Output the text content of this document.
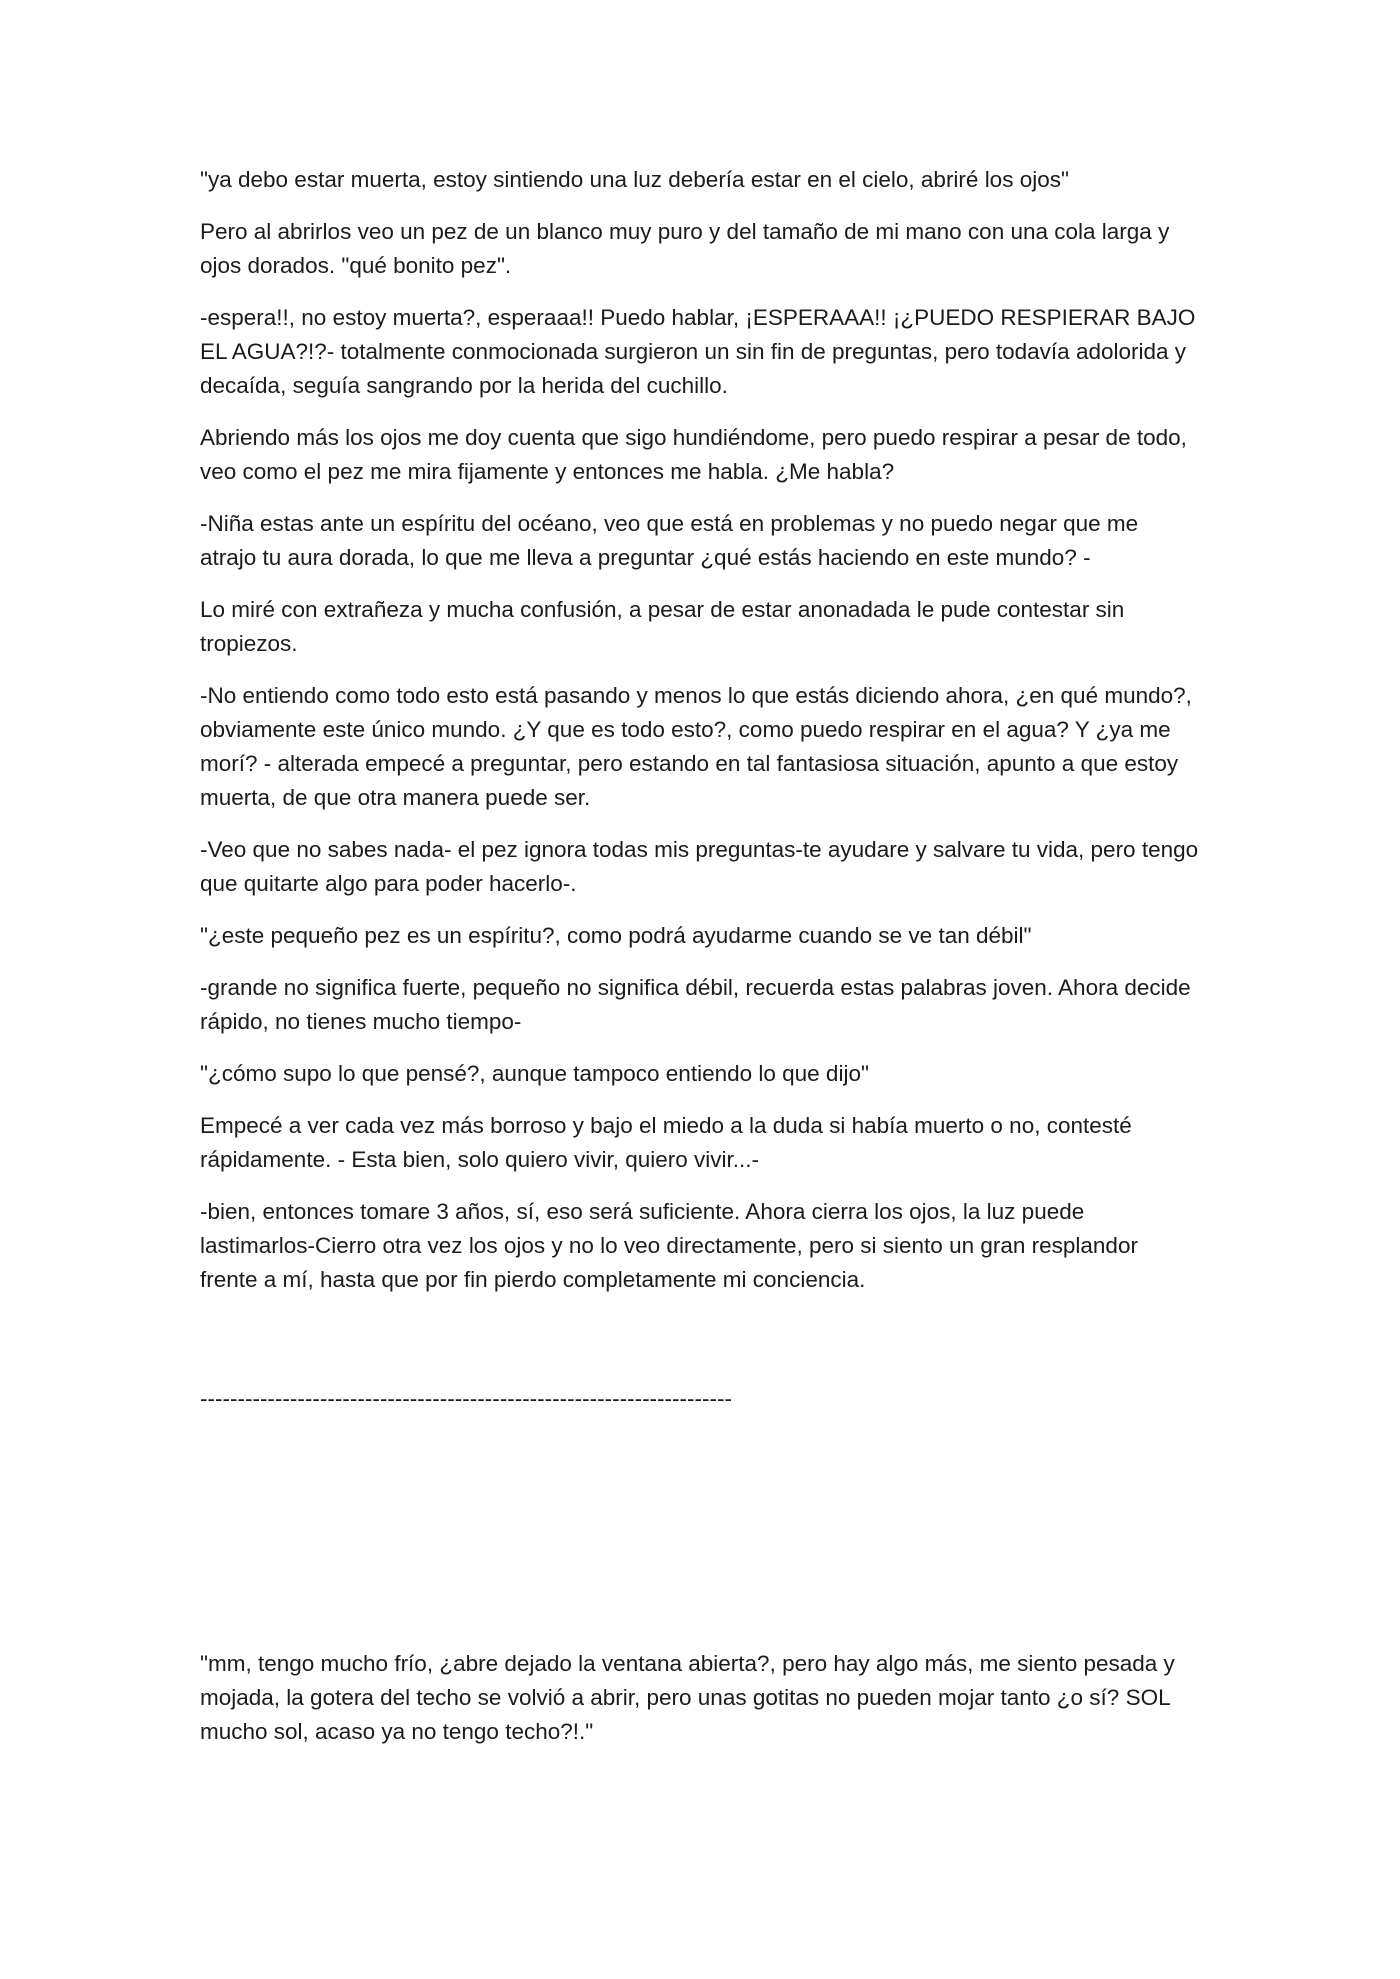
"ya debo estar muerta, estoy sintiendo una luz debería estar en el cielo, abriré los ojos"

Pero al abrirlos veo un pez de un blanco muy puro y del tamaño de mi mano con una cola larga y ojos dorados. "qué bonito pez".

-espera!!, no estoy muerta?, esperaaa!! Puedo hablar, ¡ESPERAAA!! ¡¿PUEDO RESPIERAR BAJO EL AGUA?!?- totalmente conmocionada surgieron un sin fin de preguntas, pero todavía adolorida y decaída, seguía sangrando por la herida del cuchillo.

Abriendo más los ojos me doy cuenta que sigo hundiéndome, pero puedo respirar a pesar de todo, veo como el pez me mira fijamente y entonces me habla. ¿Me habla?

-Niña estas ante un espíritu del océano, veo que está en problemas y no puedo negar que me atrajo tu aura dorada, lo que me lleva a preguntar ¿qué estás haciendo en este mundo? -

Lo miré con extrañeza y mucha confusión, a pesar de estar anonadada le pude contestar sin tropiezos.

-No entiendo como todo esto está pasando y menos lo que estás diciendo ahora, ¿en qué mundo?, obviamente este único mundo. ¿Y que es todo esto?, como puedo respirar en el agua? Y ¿ya me morí? - alterada empecé a preguntar, pero estando en tal fantasiosa situación, apunto a que estoy muerta, de que otra manera puede ser.

-Veo que no sabes nada- el pez ignora todas mis preguntas-te ayudare y salvare tu vida, pero tengo que quitarte algo para poder hacerlo-.

"¿este pequeño pez es un espíritu?, como podrá ayudarme cuando se ve tan débil"

-grande no significa fuerte, pequeño no significa débil, recuerda estas palabras joven. Ahora decide rápido, no tienes mucho tiempo-

"¿cómo supo lo que pensé?, aunque tampoco entiendo lo que dijo"

Empecé a ver cada vez más borroso y bajo el miedo a la duda si había muerto o no, contesté rápidamente. - Esta bien, solo quiero vivir, quiero vivir...-

-bien, entonces tomare 3 años, sí, eso será suficiente. Ahora cierra los ojos, la luz puede lastimarlos-Cierro otra vez los ojos y no lo veo directamente, pero si siento un gran resplandor frente a mí, hasta que por fin pierdo completamente mi conciencia.

-----------------------------------------------------------------------

"mm, tengo mucho frío, ¿abre dejado la ventana abierta?, pero hay algo más, me siento pesada y mojada, la gotera del techo se volvió a abrir, pero unas gotitas no pueden mojar tanto ¿o sí? SOL mucho sol, acaso ya no tengo techo?!."
